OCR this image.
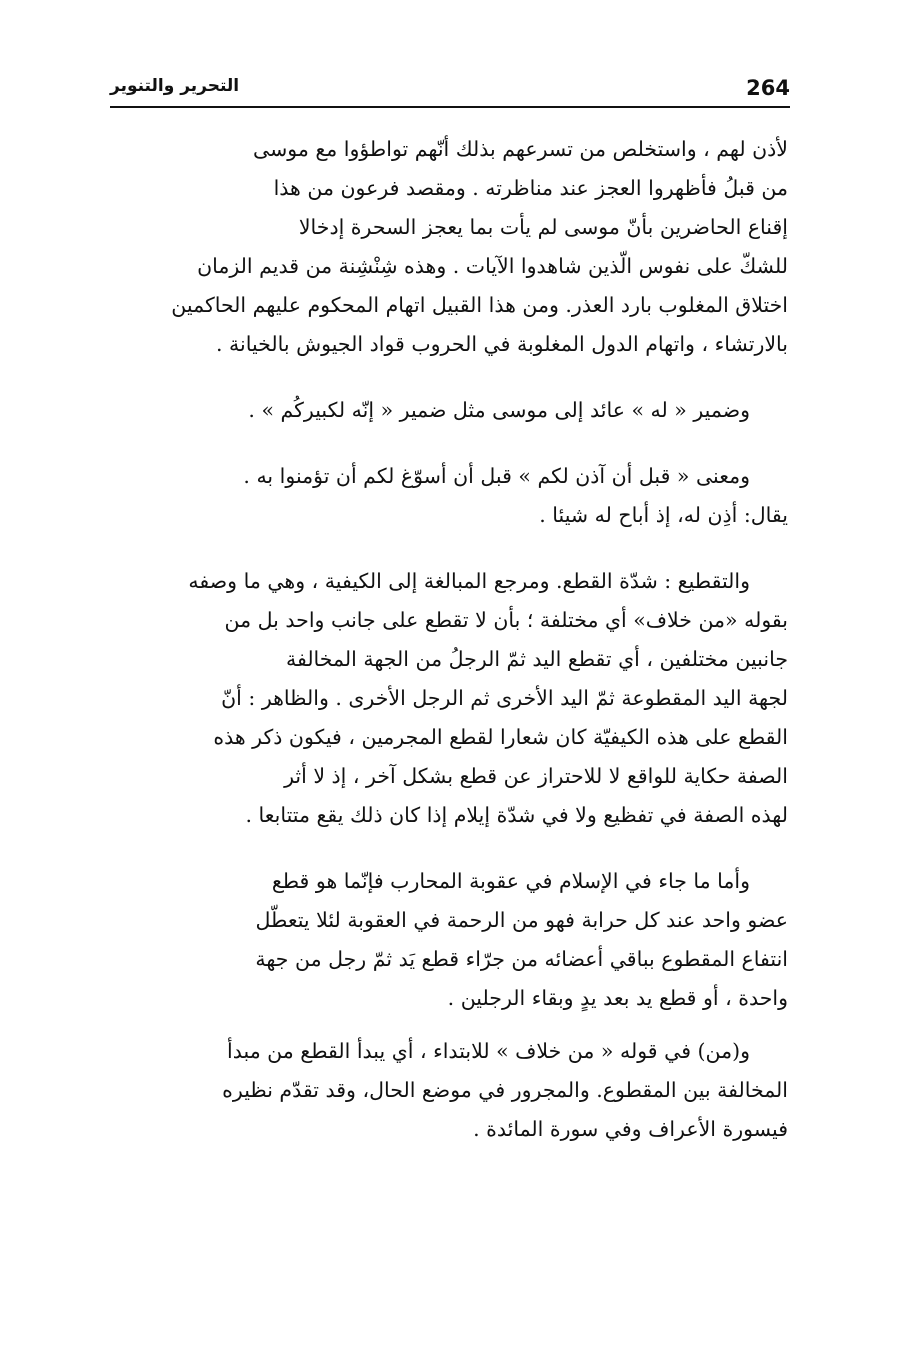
264
التحرير والتنوير
لأذن لهم ، واستخلص من تسرعهم بذلك أنّهم تواطؤوا مع موسى
من قبلُ فأظهروا العجز عند مناظرته . ومقصد فرعون من هذا
إقناع الحاضرين بأنّ موسى لم يأت بما يعجز السحرة إدخالا
للشكّ على نفوس الّذين شاهدوا الآيات . وهذه شِنْشِنة من قديم الزمان
اختلاق المغلوب بارد العذر. ومن هذا القبيل اتهام المحكوم عليهم الحاكمين
بالارتشاء ، واتهام الدول المغلوبة في الحروب قواد الجيوش بالخيانة .
وضمير « له » عائد إلى موسى مثل ضمير « إنّه لكبيركُم » .
ومعنى « قبل أن آذن لكم » قبل أن أسوّغ لكم أن تؤمنوا به .
يقال: أذِن له، إذ أباح له شيئا .
والتقطيع : شدّة القطع. ومرجع المبالغة إلى الكيفية ، وهي ما وصفه
بقوله «من خلاف» أي مختلفة ؛ بأن لا تقطع على جانب واحد بل من
جانبين مختلفين ، أي تقطع اليد ثمّ الرجلُ من الجهة المخالفة
لجهة اليد المقطوعة ثمّ اليد الأخرى ثم الرجل الأخرى . والظاهر : أنّ
القطع على هذه الكيفيّة كان شعارا لقطع المجرمين ، فيكون ذكر هذه
الصفة حكاية للواقع لا للاحتراز عن قطع بشكل آخر ، إذ لا أثر
لهذه الصفة في تفظيع ولا في شدّة إيلام إذا كان ذلك يقع متتابعا .
وأما ما جاء في الإسلام في عقوبة المحارب فإنّما هو قطع
عضو واحد عند كل حرابة فهو من الرحمة في العقوبة لئلا يتعطّل
انتفاع المقطوع بباقي أعضائه من جرّاء قطع يَد ثمّ رجل من جهة
واحدة ، أو قطع يد بعد يدٍ وبقاء الرجلين .
و(من) في قوله « من خلاف » للابتداء ، أي يبدأ القطع من مبدأ
المخالفة بين المقطوع. والمجرور في موضع الحال، وقد تقدّم نظيره
فيسورة الأعراف وفي سورة المائدة .
